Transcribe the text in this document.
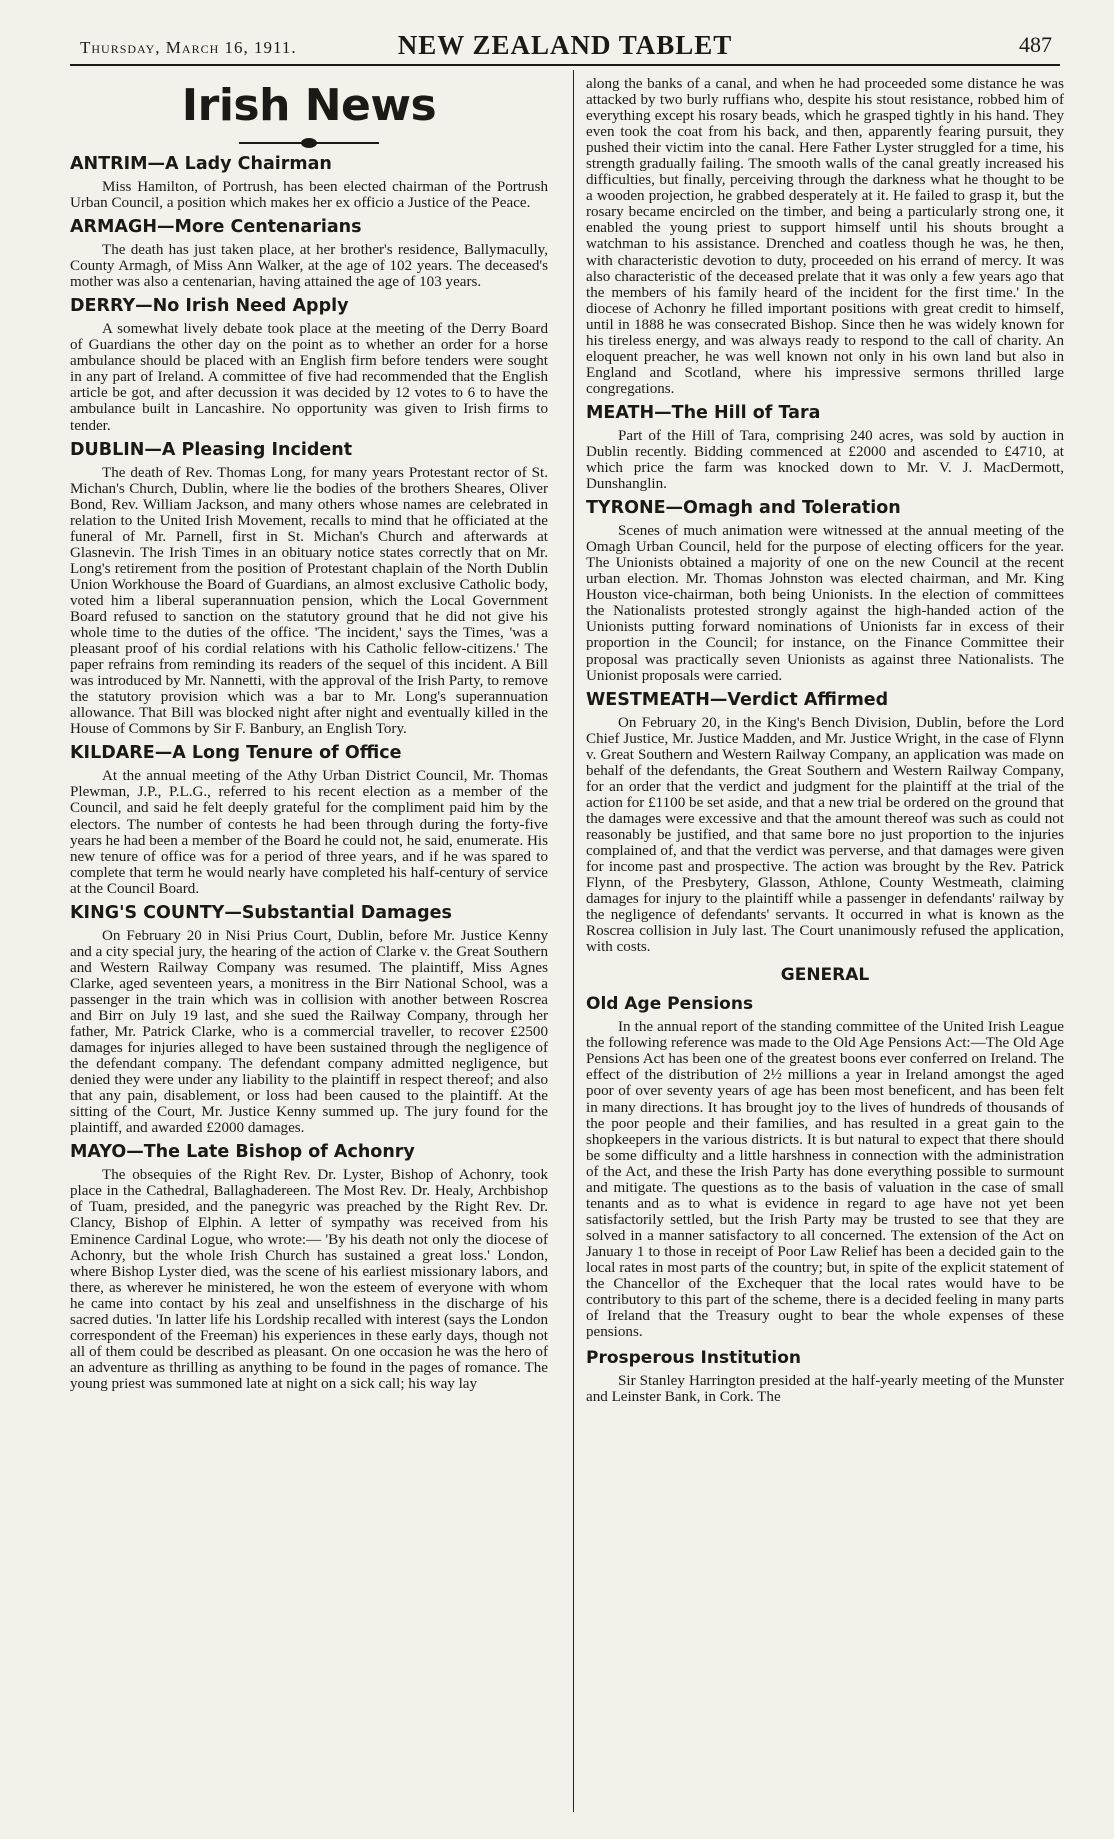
Thursday, March 16, 1911.	NEW ZEALAND TABLET	487
Irish News
ANTRIM—A Lady Chairman

Miss Hamilton, of Portrush, has been elected chairman of the Portrush Urban Council, a position which makes her ex officio a Justice of the Peace.

ARMAGH—More Centenarians

The death has just taken place, at her brother's residence, Ballymacully, County Armagh, of Miss Ann Walker, at the age of 102 years. The deceased's mother was also a centenarian, having attained the age of 103 years.

DERRY—No Irish Need Apply

A somewhat lively debate took place at the meeting of the Derry Board of Guardians the other day on the point as to whether an order for a horse ambulance should be placed with an English firm before tenders were sought in any part of Ireland. A committee of five had recommended that the English article be got, and after decussion it was decided by 12 votes to 6 to have the ambulance built in Lancashire. No opportunity was given to Irish firms to tender.

DUBLIN—A Pleasing Incident

The death of Rev. Thomas Long, for many years Protestant rector of St. Michan's Church, Dublin, where lie the bodies of the brothers Sheares, Oliver Bond, Rev. William Jackson, and many others whose names are celebrated in relation to the United Irish Movement, recalls to mind that he officiated at the funeral of Mr. Parnell, first in St. Michan's Church and afterwards at Glasnevin. The Irish Times in an obituary notice states correctly that on Mr. Long's retirement from the position of Protestant chaplain of the North Dublin Union Workhouse the Board of Guardians, an almost exclusive Catholic body, voted him a liberal superannuation pension, which the Local Government Board refused to sanction on the statutory ground that he did not give his whole time to the duties of the office. 'The incident,' says the Times, 'was a pleasant proof of his cordial relations with his Catholic fellow-citizens.' The paper refrains from reminding its readers of the sequel of this incident. A Bill was introduced by Mr. Nannetti, with the approval of the Irish Party, to remove the statutory provision which was a bar to Mr. Long's superannuation allowance. That Bill was blocked night after night and eventually killed in the House of Commons by Sir F. Banbury, an English Tory.

KILDARE—A Long Tenure of Office

At the annual meeting of the Athy Urban District Council, Mr. Thomas Plewman, J.P., P.L.G., referred to his recent election as a member of the Council, and said he felt deeply grateful for the compliment paid him by the electors. The number of contests he had been through during the forty-five years he had been a member of the Board he could not, he said, enumerate. His new tenure of office was for a period of three years, and if he was spared to complete that term he would nearly have completed his half-century of service at the Council Board.

KING'S COUNTY—Substantial Damages

On February 20 in Nisi Prius Court, Dublin, before Mr. Justice Kenny and a city special jury, the hearing of the action of Clarke v. the Great Southern and Western Railway Company was resumed. The plaintiff, Miss Agnes Clarke, aged seventeen years, a monitress in the Birr National School, was a passenger in the train which was in collision with another between Roscrea and Birr on July 19 last, and she sued the Railway Company, through her father, Mr. Patrick Clarke, who is a commercial traveller, to recover £2500 damages for injuries alleged to have been sustained through the negligence of the defendant company. The defendant company admitted negligence, but denied they were under any liability to the plaintiff in respect thereof; and also that any pain, disablement, or loss had been caused to the plaintiff. At the sitting of the Court, Mr. Justice Kenny summed up. The jury found for the plaintiff, and awarded £2000 damages.

MAYO—The Late Bishop of Achonry

The obsequies of the Right Rev. Dr. Lyster, Bishop of Achonry, took place in the Cathedral, Ballaghadereen. The Most Rev. Dr. Healy, Archbishop of Tuam, presided, and the panegyric was preached by the Right Rev. Dr. Clancy, Bishop of Elphin. A letter of sympathy was received from his Eminence Cardinal Logue, who wrote:— 'By his death not only the diocese of Achonry, but the whole Irish Church has sustained a great loss.' London, where Bishop Lyster died, was the scene of his earliest missionary labors, and there, as wherever he ministered, he won the esteem of everyone with whom he came into contact by his zeal and unselfishness in the discharge of his sacred duties. 'In latter life his Lordship recalled with interest (says the London correspondent of the Freeman) his experiences in these early days, though not all of them could be described as pleasant. On one occasion he was the hero of an adventure as thrilling as anything to be found in the pages of romance. The young priest was summoned late at night on a sick call; his way lay

along the banks of a canal, and when he had proceeded some distance he was attacked by two burly ruffians who, despite his stout resistance, robbed him of everything except his rosary beads, which he grasped tightly in his hand. They even took the coat from his back, and then, apparently fearing pursuit, they pushed their victim into the canal. Here Father Lyster struggled for a time, his strength gradually failing. The smooth walls of the canal greatly increased his difficulties, but finally, perceiving through the darkness what he thought to be a wooden projection, he grabbed desperately at it. He failed to grasp it, but the rosary became encircled on the timber, and being a particularly strong one, it enabled the young priest to support himself until his shouts brought a watchman to his assistance. Drenched and coatless though he was, he then, with characteristic devotion to duty, proceeded on his errand of mercy. It was also characteristic of the deceased prelate that it was only a few years ago that the members of his family heard of the incident for the first time.' In the diocese of Achonry he filled important positions with great credit to himself, until in 1888 he was consecrated Bishop. Since then he was widely known for his tireless energy, and was always ready to respond to the call of charity. An eloquent preacher, he was well known not only in his own land but also in England and Scotland, where his impressive sermons thrilled large congregations.

MEATH—The Hill of Tara

Part of the Hill of Tara, comprising 240 acres, was sold by auction in Dublin recently. Bidding commenced at £2000 and ascended to £4710, at which price the farm was knocked down to Mr. V. J. MacDermott, Dunshanglin.

TYRONE—Omagh and Toleration

Scenes of much animation were witnessed at the annual meeting of the Omagh Urban Council, held for the purpose of electing officers for the year. The Unionists obtained a majority of one on the new Council at the recent urban election. Mr. Thomas Johnston was elected chairman, and Mr. King Houston vice-chairman, both being Unionists. In the election of committees the Nationalists protested strongly against the high-handed action of the Unionists putting forward nominations of Unionists far in excess of their proportion in the Council; for instance, on the Finance Committee their proposal was practically seven Unionists as against three Nationalists. The Unionist proposals were carried.

WESTMEATH—Verdict Affirmed

On February 20, in the King's Bench Division, Dublin, before the Lord Chief Justice, Mr. Justice Madden, and Mr. Justice Wright, in the case of Flynn v. Great Southern and Western Railway Company, an application was made on behalf of the defendants, the Great Southern and Western Railway Company, for an order that the verdict and judgment for the plaintiff at the trial of the action for £1100 be set aside, and that a new trial be ordered on the ground that the damages were excessive and that the amount thereof was such as could not reasonably be justified, and that same bore no just proportion to the injuries complained of, and that the verdict was perverse, and that damages were given for income past and prospective. The action was brought by the Rev. Patrick Flynn, of the Presbytery, Glasson, Athlone, County Westmeath, claiming damages for injury to the plaintiff while a passenger in defendants' railway by the negligence of defendants' servants. It occurred in what is known as the Roscrea collision in July last. The Court unanimously refused the application, with costs.

GENERAL
Old Age Pensions

In the annual report of the standing committee of the United Irish League the following reference was made to the Old Age Pensions Act:—The Old Age Pensions Act has been one of the greatest boons ever conferred on Ireland. The effect of the distribution of 2½ millions a year in Ireland amongst the aged poor of over seventy years of age has been most beneficent, and has been felt in many directions. It has brought joy to the lives of hundreds of thousands of the poor people and their families, and has resulted in a great gain to the shopkeepers in the various districts. It is but natural to expect that there should be some difficulty and a little harshness in connection with the administration of the Act, and these the Irish Party has done everything possible to surmount and mitigate. The questions as to the basis of valuation in the case of small tenants and as to what is evidence in regard to age have not yet been satisfactorily settled, but the Irish Party may be trusted to see that they are solved in a manner satisfactory to all concerned. The extension of the Act on January 1 to those in receipt of Poor Law Relief has been a decided gain to the local rates in most parts of the country; but, in spite of the explicit statement of the Chancellor of the Exchequer that the local rates would have to be contributory to this part of the scheme, there is a decided feeling in many parts of Ireland that the Treasury ought to bear the whole expenses of these pensions.

Prosperous Institution

Sir Stanley Harrington presided at the half-yearly meeting of the Munster and Leinster Bank, in Cork. The
